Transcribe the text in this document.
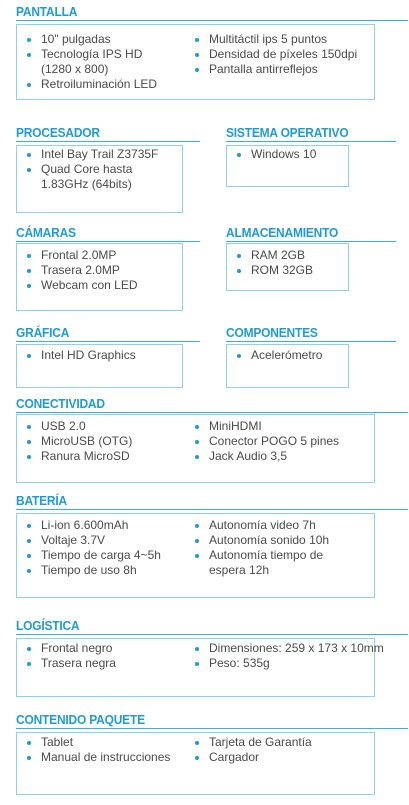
PANTALLA
10" pulgadas
Tecnología IPS HD
(1280 x 800)
Retroiluminación LED
Multitáctil ips 5 puntos
Densidad de píxeles 150dpi
Pantalla antirreflejos
PROCESADOR
Intel Bay Trail Z3735F
Quad Core hasta
1.83GHz (64bits)
SISTEMA OPERATIVO
Windows 10
CÁMARAS
Frontal 2.0MP
Trasera 2.0MP
Webcam con LED
ALMACENAMIENTO
RAM 2GB
ROM 32GB
GRÁFICA
Intel HD Graphics
COMPONENTES
Acelerómetro
CONECTIVIDAD
USB 2.0
MicroUSB (OTG)
Ranura MicroSD
MiniHDMI
Conector POGO 5 pines
Jack Audio 3,5
BATERÍA
Li-ion 6.600mAh
Voltaje 3.7V
Tiempo de carga 4~5h
Tiempo de uso 8h
Autonomía video 7h
Autonomía sonido 10h
Autonomía tiempo de
espera 12h
LOGÍSTICA
Frontal negro
Trasera negra
Dimensiones: 259 x 173 x 10mm
Peso: 535g
CONTENIDO PAQUETE
Tablet
Manual de instrucciones
Tarjeta de Garantía
Cargador
